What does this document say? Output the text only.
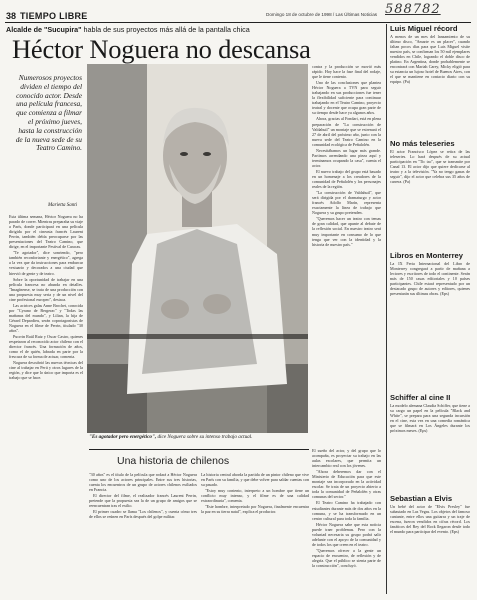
588782
38 TIEMPO LIBRE	Domingo 18 de octubre de 1998 / Las Últimas Noticias
Alcalde de "Sucupira" habla de sus proyectos más allá de la pantalla chica
Héctor Noguera no descansa
Numerosos proyectos dividen el tiempo del conocido actor. Desde una película francesa, que comienza a filmar el próximo jueves, hasta la construcción de la nueva sede de su Teatro Camino.
Marietta Santi

Esta última semana, Héctor Noguera no ha parado de correr. Mientras preparaba su viaje a París, donde participará en una película dirigida por el cineasta francés Laurent Perrin, también debía preocuparse por las presentaciones del Teatro Camino, que dirige, en el importante Festival de Caracas.

"Te agotador", dice sonriendo, "pero también reconfortante y energético", agrega a la vez que da instrucciones para embarcar vestuario y decorados a una ciudad que hiervió de gente y de teatro.

Sobre la oportunidad de trabajar en una película francesa no abunda en detalles. "Imagínense, se trata de una producción con una propuesta muy seria y de un nivel del cine profesional europeo", destaca.

Las actrices galas Anne Brochet, conocida por "Cyrano de Bergerac" y "Todas las mañanas del mundo", y Lilian, la hija de Gérard Depardieu, serán coprotagonistas de Noguera en el filme de Perrin, titulado "30 años".

Pucrrin Raúl Ruiz y Oscar Castro, quienes respetaron al reconocido actor chileno con el director francés. Una formación de años, como el de quién, labrada en parte por la frescura de su forma de actuar, comenta.

Noguera descubrió las nuevas técnicas del cine al trabajar en Perú y otros lugares de la región, y dice que lo único que importa es el trabajo que se hace.

"Es agotador pero energético", dice Noguera sobre su intenso trabajo actual.

contra y la producción se movió más rápido. Hoy hace la fase final del rodaje, que le tiene contento.

Uno de las conclusiones que plantea Héctor Noguera a TVN para seguir trabajando en sus producciones fue tener la flexibilidad suficiente para continuar trabajando en el Teatro Camino, proyecto teatral y docente que ocupa gran parte de su tiempo desde hace ya algunos años.

Ahora, gracias al Fondart, está en plena preparación de "La construcción de Valdahuil" un montaje que se estrenará el 27 de abril del próximo año, junto con la nueva sede del Teatro Camino en la comunidad ecológica de Peñalolén.

Necesitábamos un lugar más grande. Partimos arrendando una pieza aquí y terminamos ocupando la casa", cuenta el actor.

El nuevo trabajo del grupo está basado en un homenaje a los creadores de la comunidad de Peñalolén y los personajes reales de la región.

"La construcción de Valdahuil", que será dirigida por el dramaturgo y actor francés Adolfo Marín, representa exactamente la línea de trabajo que Noguera y su grupo pretenden.

"Queremos hacer un teatro con temas de gran calidad, que apunte al debate de la reflexión social. En nuestro teatro será muy importante en consumo de lo que tenga que ver con la identidad y la historia de nuestro país."

El sueño del actor, y del grupo que lo acompaña, es proyectar su trabajo en las aulas escolares, que permita un intercambio real con los jóvenes.

"Ahora deberemos dar con el Ministerio de Educación para que este montaje sea incorporado en la actividad escolar. Se trata de un proyecto abierto a toda la comunidad de Peñalolén y otras comunas del sector."

El Teatro Camino ha trabajado con estudiantes durante más de dos años en la comuna, y se ha transformado en un centro cultural para toda la familia.

Héctor Noguera sabe que esta noticia puede traer problemas. Pero con la voluntad necesaria su grupo podrá salir adelante con el apoyo de la comunidad y de todos los que creen en el teatro.

"Queremos ofrecer a la gente un espacio de encuentro, de reflexión y de alegría. Que el público se sienta parte de la construcción", concluyó.

Una historia de chilenos

"30 años" es el título de la película que rodará a Héctor Noguera como uno de los actores principales. Entre sus tres historias, cuenta los encuentros de un grupo de actores chilenos exiliados en Francia.

El director del filme, el realizador francés Laurent Perrin, pretende que la propuesta sea la de un grupo de amigos que se reencuentran tras el exilio.

El primer cuadro se llama "Los chilenos", y cuenta cómo tres de ellos se reúnen en París después del golpe militar.

La historia central aborda la partida de un pintor chileno que vive en París con su familia, y que debe volver para saldar cuentas con su pasado.

"Estoy muy contento, interpreto a un hombre que tiene un conflicto muy intenso, y el filme es de una calidad extraordinaria", comenta.

"Este hombre, interpretado por Noguera, finalmente encuentra la paz en su tierra natal", explica el productor.

Luis Miguel récord
A menos de un mes del lanzamiento de su último disco, "Amarte es un placer", cuando faltan pocos días para que Luis Miguel visite nuestro país, se confirman los 50 mil ejemplares vendidos en Chile, logrando el doble disco de platino. En Argentina, donde probablemente se encontrará con Mariah Carey, Micky eligió para su estancia un lujoso hotel de Buenos Aires, con el que se mantiene en contacto diario con su equipo. (Pa)
No más teleseries
El actor Francisco López se retira de las teleseries. Lo hará después de su actual participación en "Tic tac", que se transmite por Canal 13. El actor dijo que quiere dedicarse al teatro y a la televisión. "Ya no tengo ganas de seguir", dijo el actor que celebra sus 35 años de carrera. (Pa)
Libros en Monterrey
La IX Feria Internacional del Libro de Monterrey congregará a partir de mañana a lectores y escritores de todo el continente. Serán más de 150 casas editoriales y 10 países participantes. Chile estará representado por un destacado grupo de autores y editores, quienes presentarán sus últimas obras. (Eps)
Schiffer al cine II
La modelo alemana Claudia Schiffer, que tiene a su cargo un papel en la película "Black and White", se prepara para una segunda incursión en el cine, esta vez en una comedia romántica que se filmará en Los Ángeles durante los próximos meses. (Eps)
Sebastian a Elvis
Un bebé del actor de "Elvis Presley" fue subastado en Las Vegas. Los objetos del famoso cantante, entre ellos una guitarra y un traje de escena, fueron vendidos en cifras récord. Los fanáticos del Rey del Rock llegaron desde todo el mundo para participar del evento. (Eps)
